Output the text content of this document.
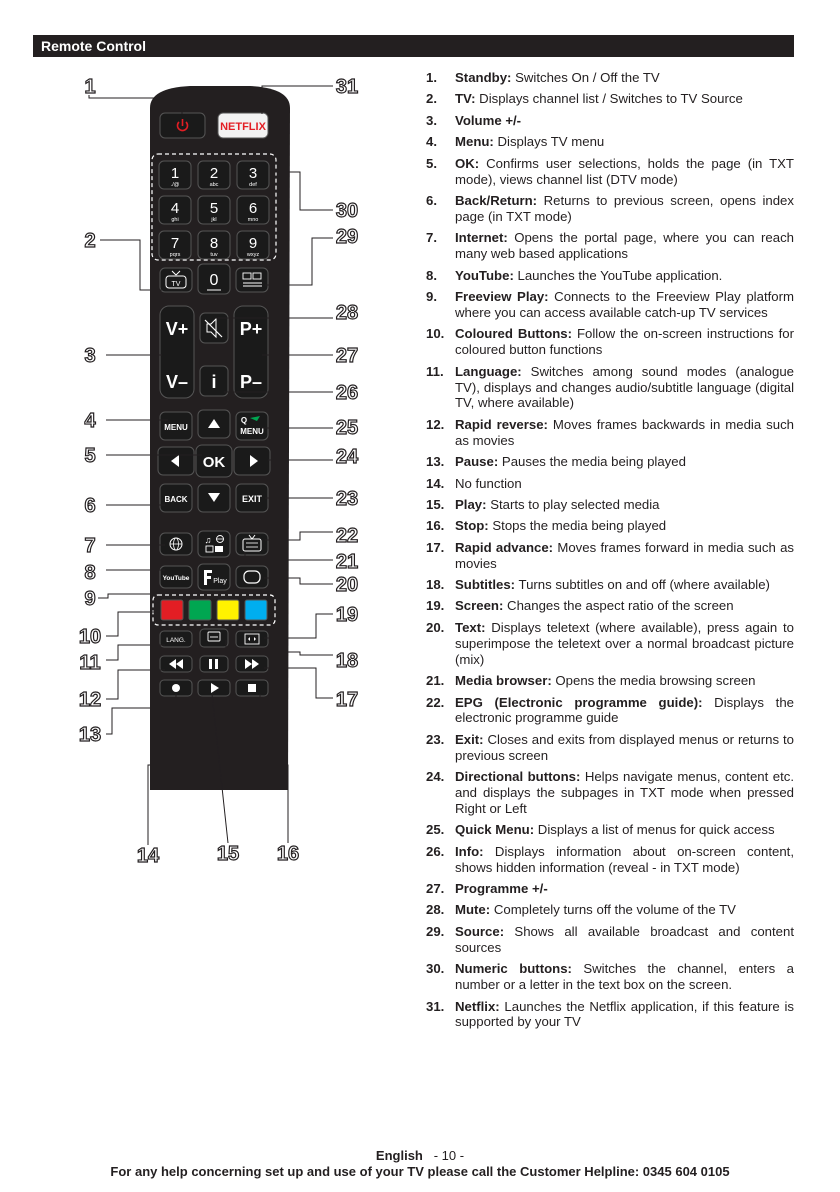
Remote Control
NETFLIX
1
./@
2
abc
3
def
4
ghi
5
jkl
6
mno
7
pqrs
8
tuv
9
wxyz
TV 0
V+
V–
P+
P–
i
MENU
Q
MENU
OK
BACK	EXIT
♫
YouTube	Play
LANG.
1
2
3
4
5
6
7
8
9
10
11
12
13
14	15 16
17
18
19
20
21
22
23
24
25
26
27
28
29
30
31	1. Standby: Switches On / Off the TV
2. TV: Displays channel list / Switches to TV Source
3. Volume +/-
4. Menu: Displays TV menu
5. OK: Confirms user selections, holds the page (in TXT mode), views channel list (DTV mode)
6. Back/Return: Returns to previous screen, opens index page (in TXT mode)
7. Internet: Opens the portal page, where you can reach many web based applications
8. YouTube: Launches the YouTube application.
9. Freeview Play: Connects to the Freeview Play platform where you can access available catch-up TV services
10. Coloured Buttons: Follow the on-screen instructions for coloured button functions
11. Language: Switches among sound modes (analogue TV), displays and changes audio/subtitle language (digital TV, where available)
12. Rapid reverse: Moves frames backwards in media such as movies
13. Pause: Pauses the media being played
14. No function
15. Play: Starts to play selected media
16. Stop: Stops the media being played
17. Rapid advance: Moves frames forward in media such as movies
18. Subtitles: Turns subtitles on and off (where available)
19. Screen: Changes the aspect ratio of the screen
20. Text: Displays teletext (where available), press again to superimpose the teletext over a normal broadcast picture (mix)
21. Media browser: Opens the media browsing screen
22. EPG (Electronic programme guide): Displays the electronic programme guide
23. Exit: Closes and exits from displayed menus or returns to previous screen
24. Directional buttons: Helps navigate menus, content etc. and displays the subpages in TXT mode when pressed Right or Left
25. Quick Menu: Displays a list of menus for quick access
26. Info: Displays information about on-screen content, shows hidden information (reveal - in TXT mode)
27. Programme +/-
28. Mute: Completely turns off the volume of the TV
29. Source: Shows all available broadcast and content sources
30. Numeric buttons: Switches the channel, enters a number or a letter in the text box on the screen.
31. Netflix: Launches the Netflix application, if this feature is supported by your TV
English - 10 -
For any help concerning set up and use of your TV please call the Customer Helpline: 0345 604 0105
